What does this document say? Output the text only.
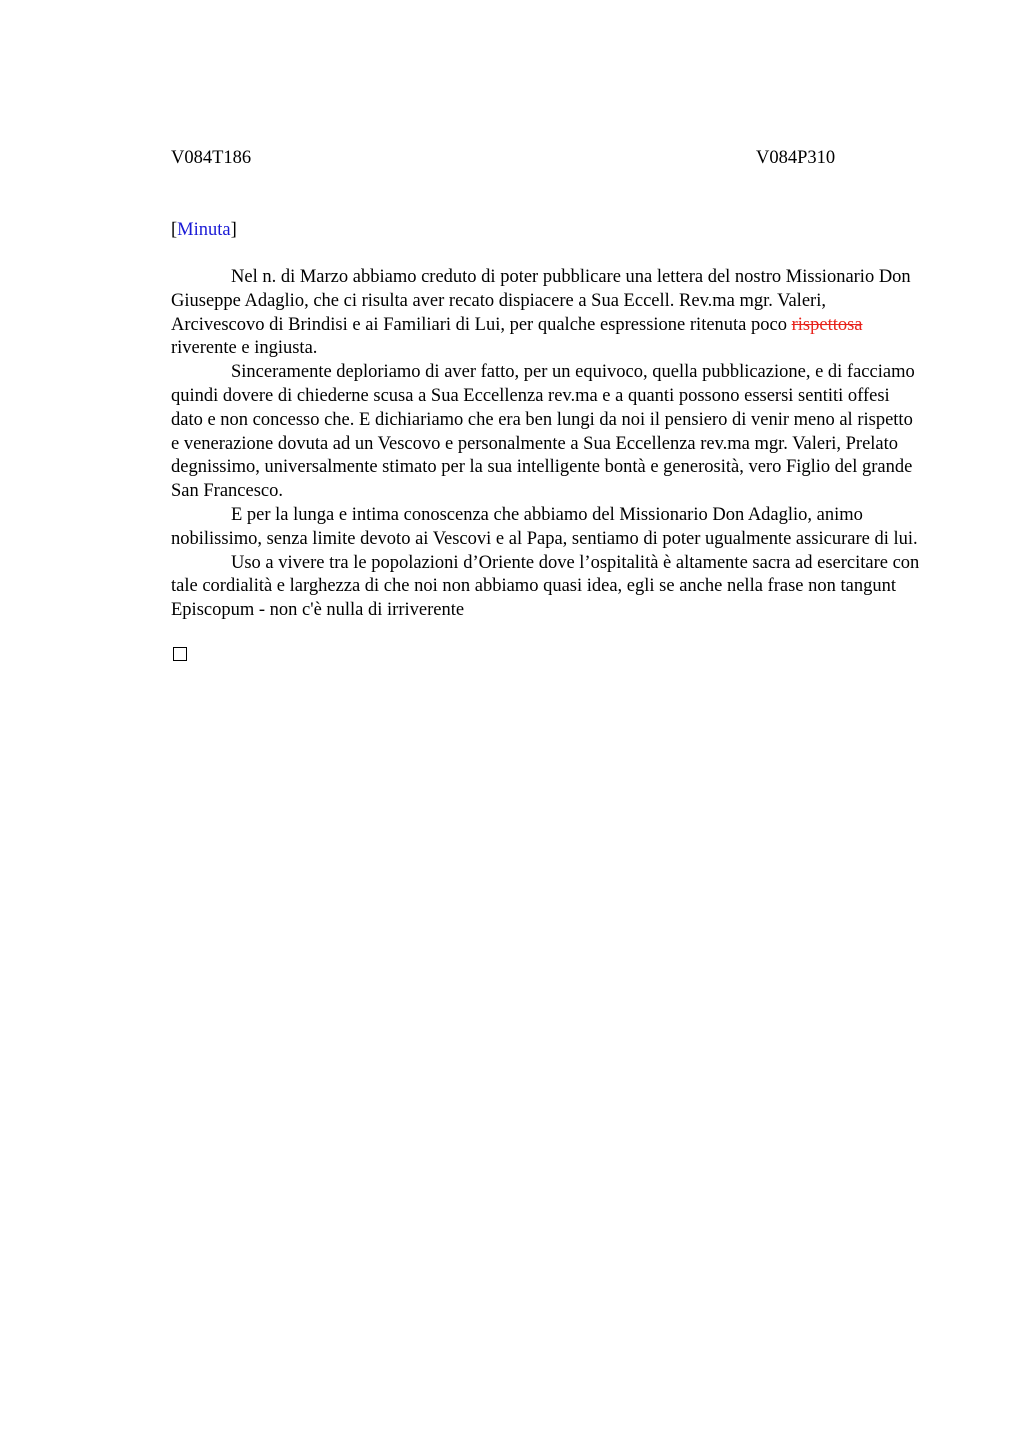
V084T186	V084P310
[Minuta]

Nel n. di Marzo abbiamo creduto di poter pubblicare una lettera del nostro Missionario Don Giuseppe Adaglio, che ci risulta aver recato dispiacere a Sua Eccell. Rev.ma mgr. Valeri, Arcivescovo di Brindisi e ai Familiari di Lui, per qualche espressione ritenuta poco rispettosa riverente e ingiusta.

Sinceramente deploriamo di aver fatto, per un equivoco, quella pubblicazione, e di facciamo quindi dovere di chiederne scusa a Sua Eccellenza rev.ma e a quanti possono essersi sentiti offesi dato e non concesso che. E dichiariamo che era ben lungi da noi il pensiero di venir meno al rispetto e venerazione dovuta ad un Vescovo e personalmente a Sua Eccellenza rev.ma mgr. Valeri, Prelato degnissimo, universalmente stimato per la sua intelligente bontà e generosità, vero Figlio del grande San Francesco.

E per la lunga e intima conoscenza che abbiamo del Missionario Don Adaglio, animo nobilissimo, senza limite devoto ai Vescovi e al Papa, sentiamo di poter ugualmente assicurare di lui.

Uso a vivere tra le popolazioni d’Oriente dove l’ospitalità è altamente sacra ad esercitare con tale cordialità e larghezza di che noi non abbiamo quasi idea, egli se anche nella frase non tangunt Episcopum - non c'è nulla di irriverente
